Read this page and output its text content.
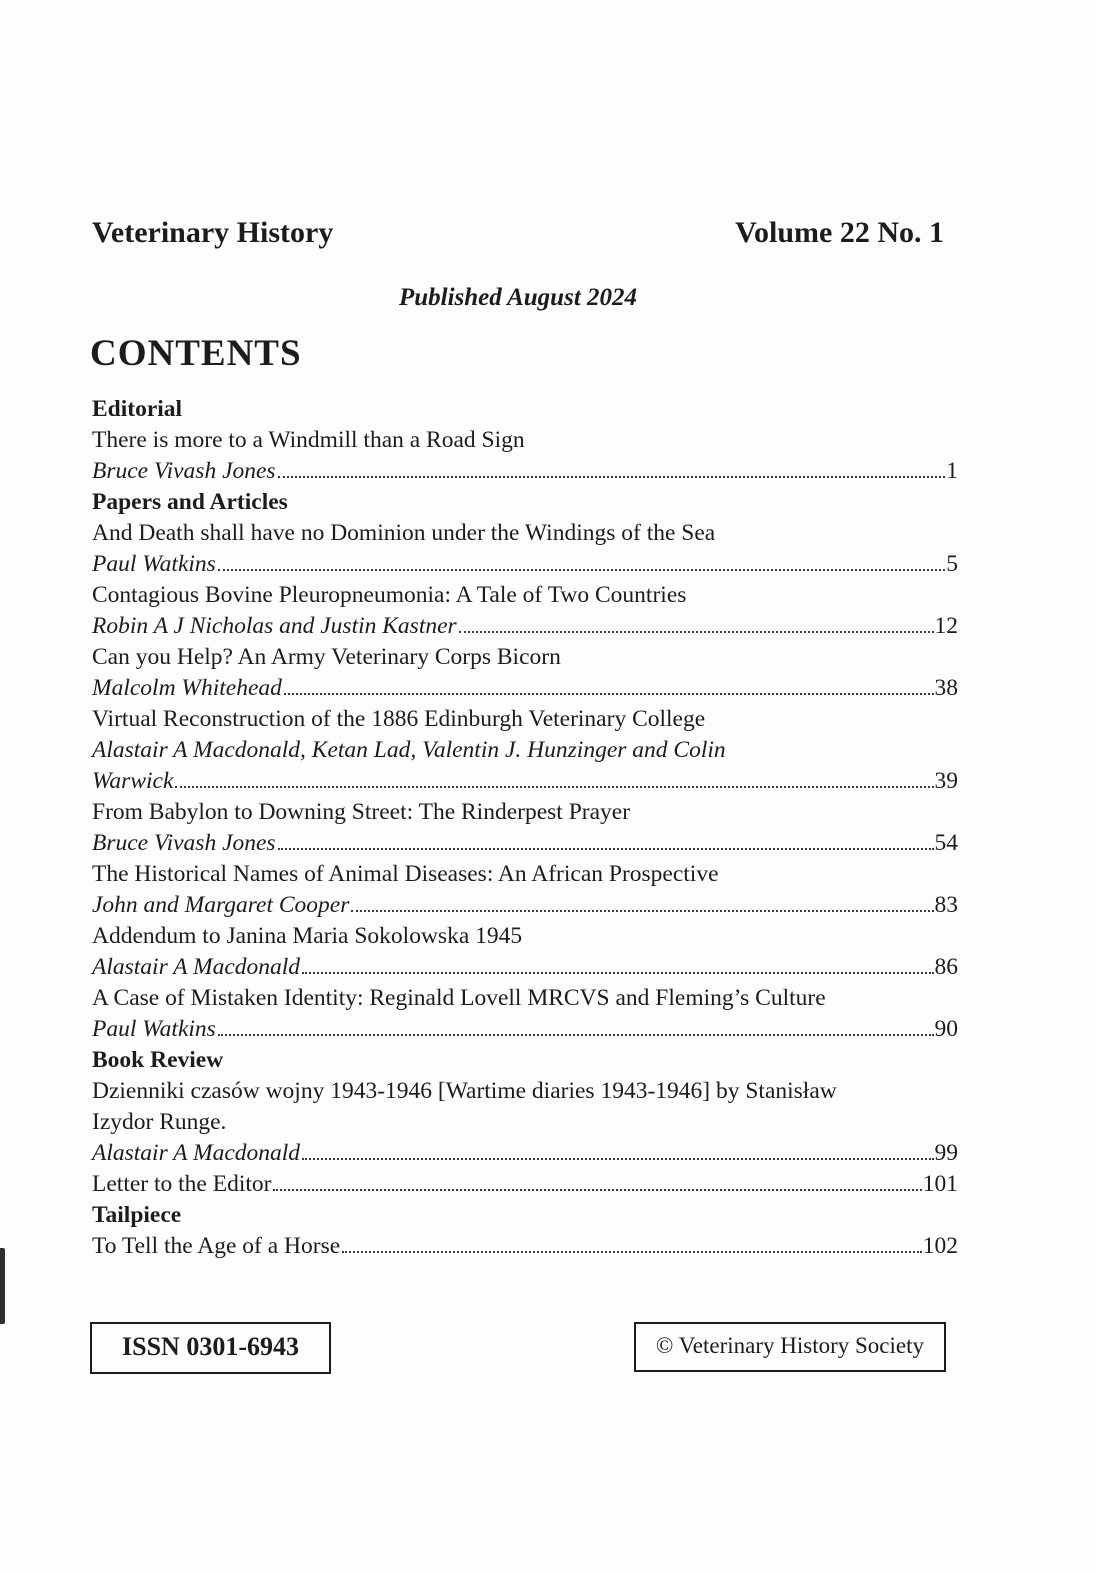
Veterinary History	Volume 22 No. 1
Published August 2024
CONTENTS
Editorial
There is more to a Windmill than a Road Sign
Bruce Vivash Jones	1
Papers and Articles
And Death shall have no Dominion under the Windings of the Sea
Paul Watkins	5
Contagious Bovine Pleuropneumonia: A Tale of Two Countries
Robin A J Nicholas and Justin Kastner	12
Can you Help? An Army Veterinary Corps Bicorn
Malcolm Whitehead	38
Virtual Reconstruction of the 1886 Edinburgh Veterinary College
Alastair A Macdonald, Ketan Lad, Valentin J. Hunzinger and Colin
Warwick	39
From Babylon to Downing Street: The Rinderpest Prayer
Bruce Vivash Jones	54
The Historical Names of Animal Diseases: An African Prospective
John and Margaret Cooper	83
Addendum to Janina Maria Sokolowska 1945
Alastair A Macdonald	86
A Case of Mistaken Identity: Reginald Lovell MRCVS and Fleming’s Culture
Paul Watkins	90
Book Review
Dzienniki czasów wojny 1943-1946 [Wartime diaries 1943-1946] by Stanisław
Izydor Runge.
Alastair A Macdonald	99
Letter to the Editor	101
Tailpiece
To Tell the Age of a Horse	102
ISSN 0301-6943	© Veterinary History Society
